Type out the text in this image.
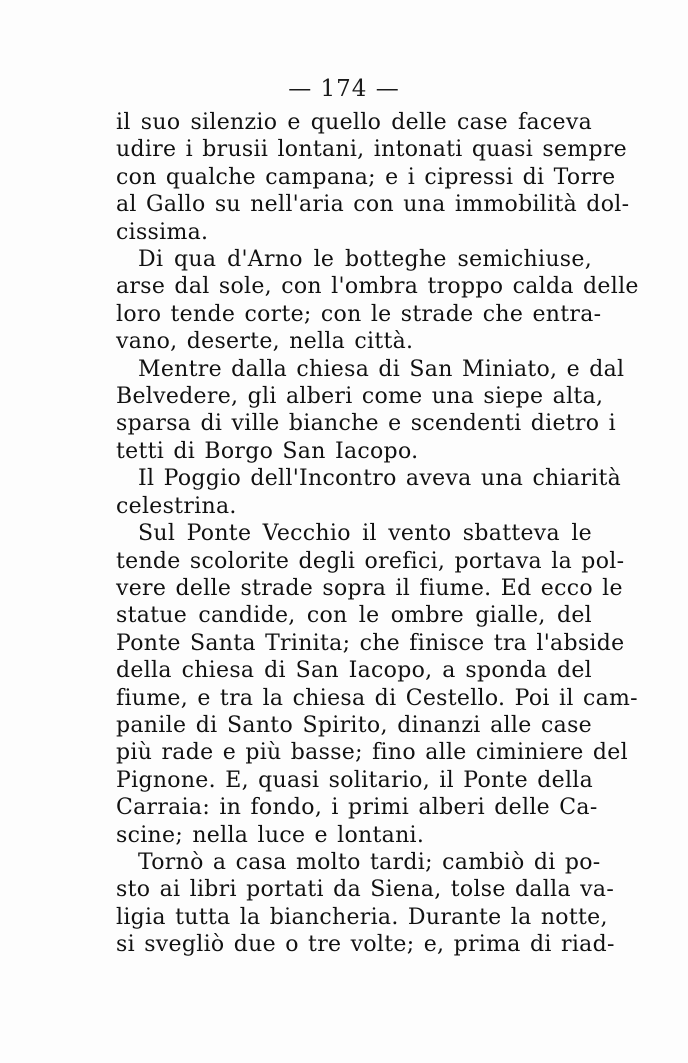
— 174 —

il suo silenzio e quello delle case faceva
udire i brusii lontani, intonati quasi sempre
con qualche campana; e i cipressi di Torre
al Gallo su nell'aria con una immobilità dol-
cissima.

Di qua d'Arno le botteghe semichiuse,
arse dal sole, con l'ombra troppo calda delle
loro tende corte; con le strade che entra-
vano, deserte, nella città.

Mentre dalla chiesa di San Miniato, e dal
Belvedere, gli alberi come una siepe alta,
sparsa di ville bianche e scendenti dietro i
tetti di Borgo San Iacopo.

Il Poggio dell'Incontro aveva una chiarità
celestrina.

Sul Ponte Vecchio il vento sbatteva le
tende scolorite degli orefici, portava la pol-
vere delle strade sopra il fiume. Ed ecco le
statue candide, con le ombre gialle, del
Ponte Santa Trinita; che finisce tra l'abside
della chiesa di San Iacopo, a sponda del
fiume, e tra la chiesa di Cestello. Poi il cam-
panile di Santo Spirito, dinanzi alle case
più rade e più basse; fino alle ciminiere del
Pignone. E, quasi solitario, il Ponte della
Carraia: in fondo, i primi alberi delle Ca-
scine; nella luce e lontani.

Tornò a casa molto tardi; cambiò di po-
sto ai libri portati da Siena, tolse dalla va-
ligia tutta la biancheria. Durante la notte,
si svegliò due o tre volte; e, prima di riad-
